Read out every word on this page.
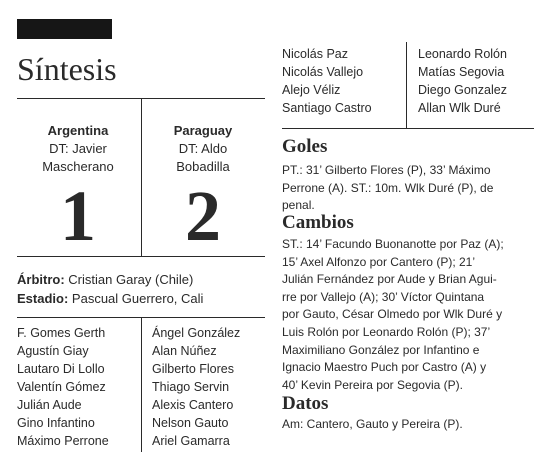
Síntesis
Argentina
DT: Javier
Mascherano
1
Paraguay
DT: Aldo
Bobadilla
2
Árbitro: Cristian Garay (Chile)
Estadio: Pascual Guerrero, Cali
F. Gomes Gerth
Agustín Giay
Lautaro Di Lollo
Valentín Gómez
Julián Aude
Gino Infantino
Máximo Perrone
Ángel González
Alan Núñez
Gilberto Flores
Thiago Servin
Alexis Cantero
Nelson Gauto
Ariel Gamarra
Nicolás Paz
Nicolás Vallejo
Alejo Véliz
Santiago Castro
Leonardo Rolón
Matías Segovia
Diego Gonzalez
Allan Wlk Duré
Goles
PT.: 31’ Gilberto Flores (P), 33’ Máximo
Perrone (A). ST.: 10m. Wlk Duré (P), de
penal.
Cambios
ST.: 14’ Facundo Buonanotte por Paz (A);
15’ Axel Alfonzo por Cantero (P); 21’
Julián Fernández por Aude y Brian Agui-
rre por Vallejo (A); 30’ Víctor Quintana
por Gauto, César Olmedo por Wlk Duré y
Luis Rolón por Leonardo Rolón (P); 37’
Maximiliano González por Infantino e
Ignacio Maestro Puch por Castro (A) y
40’ Kevin Pereira por Segovia (P).
Datos
Am: Cantero, Gauto y Pereira (P).
